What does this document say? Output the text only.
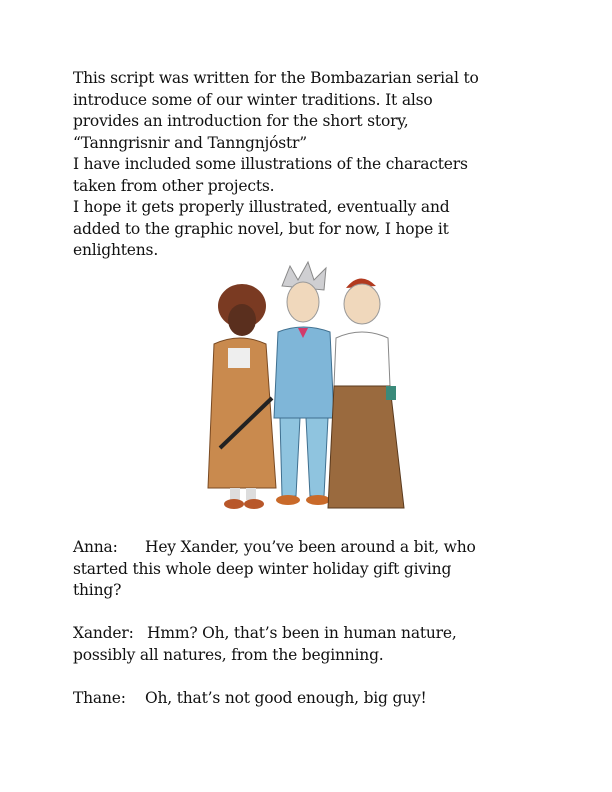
This script was written for the Bombazarian serial to

introduce some of our winter traditions. It also

provides an introduction for the short story,

“Tanngrisnir and Tanngnjóstr”

I have included some illustrations of the characters

taken from other projects.

I hope it gets properly illustrated, eventually and

added to the graphic novel, but for now, I hope it

enlightens.

Anna: Hey Xander, you’ve been around a bit, who
started this whole deep winter holiday gift giving
thing?
Xander: Hmm? Oh, that’s been in human nature,
possibly all natures, from the beginning.
Thane: Oh, that’s not good enough, big guy!
